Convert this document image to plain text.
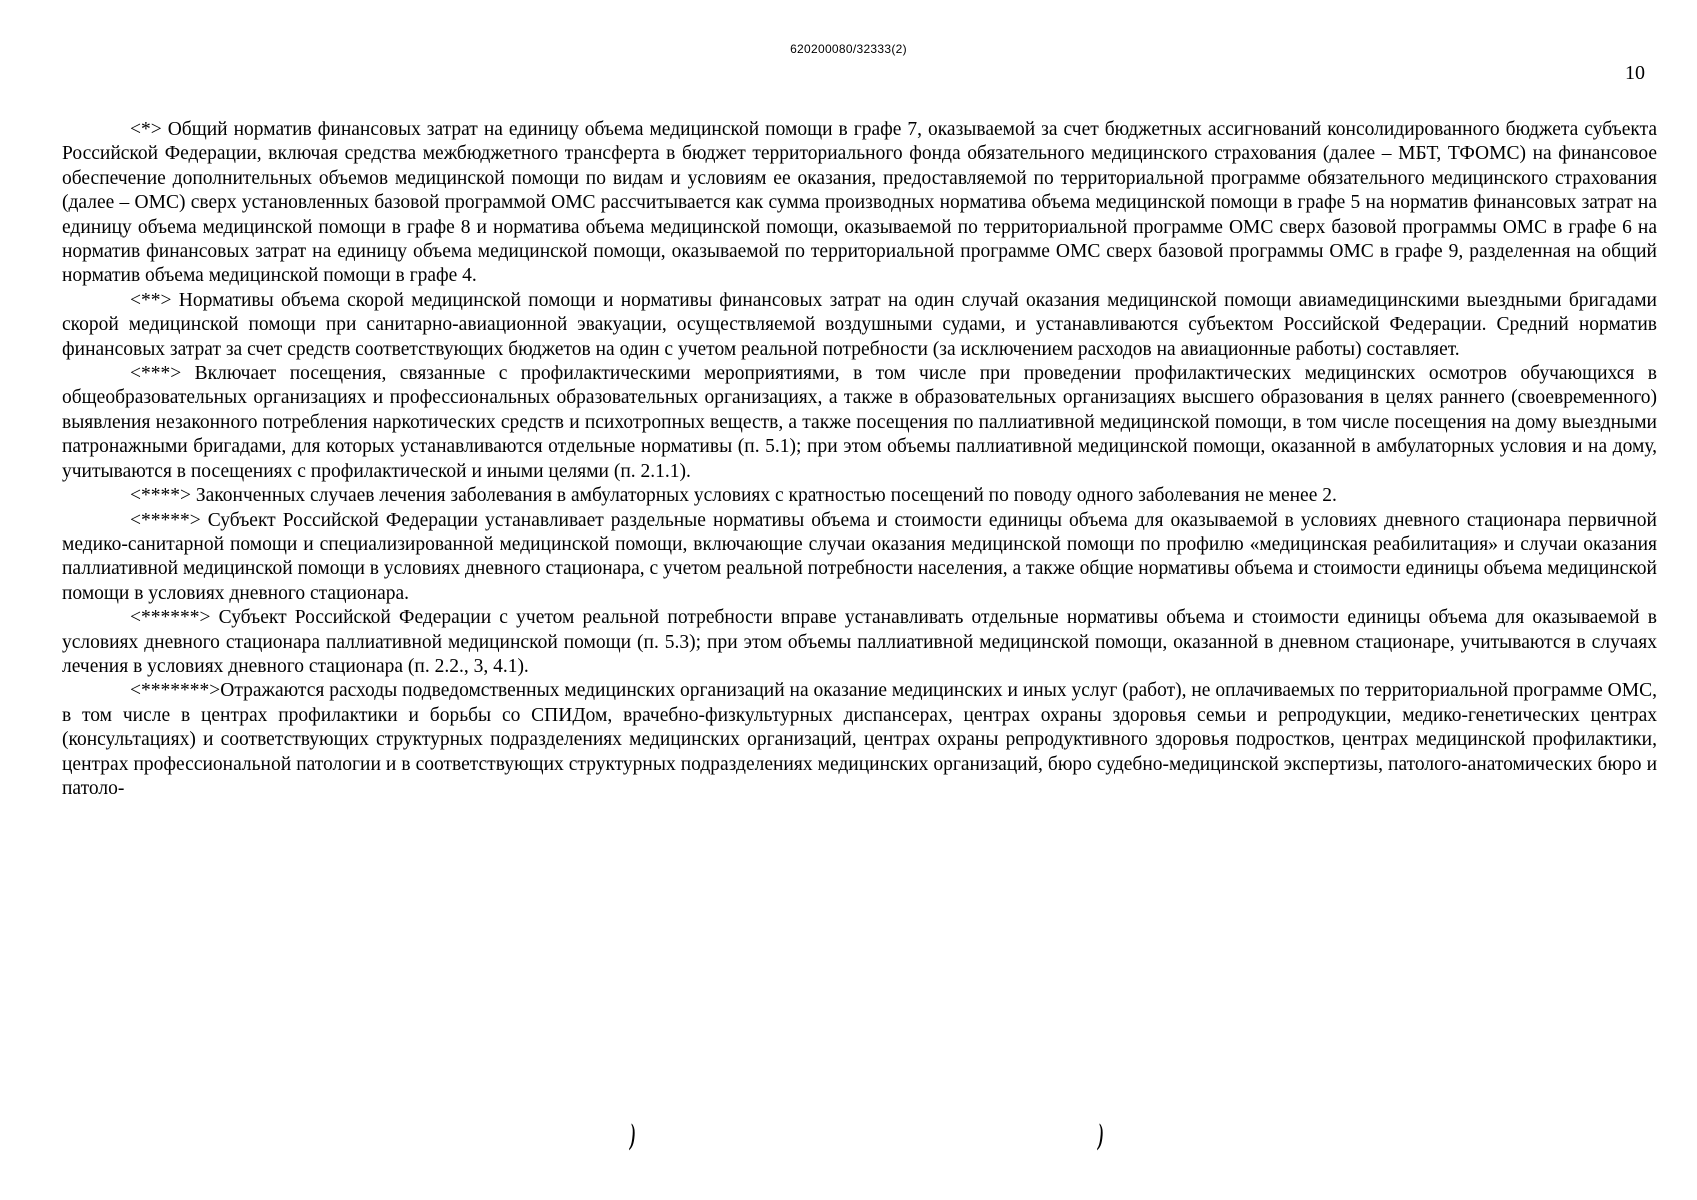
620200080/32333(2)
10

<*> Общий норматив финансовых затрат на единицу объема медицинской помощи в графе 7, оказываемой за счет бюджетных ассигнований консолидированного бюджета субъекта Российской Федерации, включая средства межбюджетного трансферта в бюджет территориального фонда обязательного медицинского страхования (далее – МБТ, ТФОМС) на финансовое обеспечение дополнительных объемов медицинской помощи по видам и условиям ее оказания, предоставляемой по территориальной программе обязательного медицинского страхования (далее – ОМС) сверх установленных базовой программой ОМС рассчитывается как сумма производных норматива объема медицинской помощи в графе 5 на норматив финансовых затрат на единицу объема медицинской помощи в графе 8 и норматива объема медицинской помощи, оказываемой по территориальной программе ОМС сверх базовой программы ОМС в графе 6 на норматив финансовых затрат на единицу объема медицинской помощи, оказываемой по территориальной программе ОМС сверх базовой программы ОМС в графе 9, разделенная на общий норматив объема медицинской помощи в графе 4.

<**> Нормативы объема скорой медицинской помощи и нормативы финансовых затрат на один случай оказания медицинской помощи авиамедицинскими выездными бригадами скорой медицинской помощи при санитарно-авиационной эвакуации, осуществляемой воздушными судами, и устанавливаются субъектом Российской Федерации. Средний норматив финансовых затрат за счет средств соответствующих бюджетов на один с учетом реальной потребности (за исключением расходов на авиационные работы) составляет.

<***> Включает посещения, связанные с профилактическими мероприятиями, в том числе при проведении профилактических медицинских осмотров обучающихся в общеобразовательных организациях и профессиональных образовательных организациях, а также в образовательных организациях высшего образования в целях раннего (своевременного) выявления незаконного потребления наркотических средств и психотропных веществ, а также посещения по паллиативной медицинской помощи, в том числе посещения на дому выездными патронажными бригадами, для которых устанавливаются отдельные нормативы (п. 5.1); при этом объемы паллиативной медицинской помощи, оказанной в амбулаторных условия и на дому, учитываются в посещениях с профилактической и иными целями (п. 2.1.1).

<****> Законченных случаев лечения заболевания в амбулаторных условиях с кратностью посещений по поводу одного заболевания не менее 2.

<*****> Субъект Российской Федерации устанавливает раздельные нормативы объема и стоимости единицы объема для оказываемой в условиях дневного стационара первичной медико-санитарной помощи и специализированной медицинской помощи, включающие случаи оказания медицинской помощи по профилю «медицинская реабилитация» и случаи оказания паллиативной медицинской помощи в условиях дневного стационара, с учетом реальной потребности населения, а также общие нормативы объема и стоимости единицы объема медицинской помощи в условиях дневного стационара.

<******> Субъект Российской Федерации с учетом реальной потребности вправе устанавливать отдельные нормативы объема и стоимости единицы объема для оказываемой в условиях дневного стационара паллиативной медицинской помощи (п. 5.3); при этом объемы паллиативной медицинской помощи, оказанной в дневном стационаре, учитываются в случаях лечения в условиях дневного стационара (п. 2.2., 3, 4.1).

<*******>Отражаются расходы подведомственных медицинских организаций на оказание медицинских и иных услуг (работ), не оплачиваемых по территориальной программе ОМС, в том числе в центрах профилактики и борьбы со СПИДом, врачебно-физкультурных диспансерах, центрах охраны здоровья семьи и репродукции, медико-генетических центрах (консультациях) и соответствующих структурных подразделениях медицинских организаций, центрах охраны репродуктивного здоровья подростков, центрах медицинской профилактики, центрах профессиональной патологии и в соответствующих структурных подразделениях медицинских организаций, бюро судебно-медицинской экспертизы, патолого-анатомических бюро и патоло-

)	)
